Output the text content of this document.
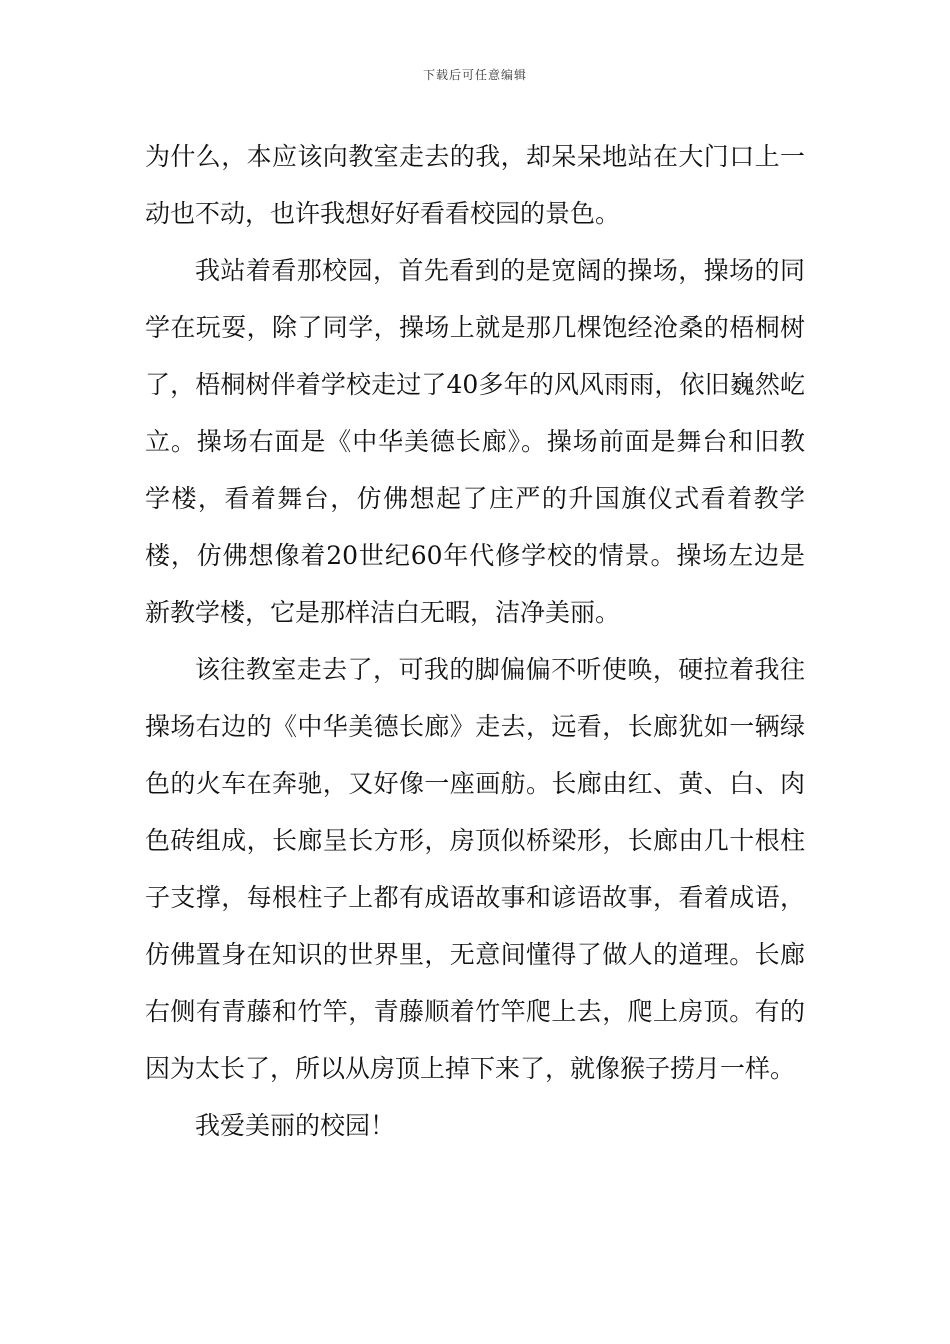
下载后可任意编辑

为什么，本应该向教室走去的我，却呆呆地站在大门口上一动也不动，也许我想好好看看校园的景色。

我站着看那校园，首先看到的是宽阔的操场，操场的同学在玩耍，除了同学，操场上就是那几棵饱经沧桑的梧桐树了，梧桐树伴着学校走过了40多年的风风雨雨，依旧巍然屹立。操场右面是《中华美德长廊》。操场前面是舞台和旧教学楼，看着舞台，仿佛想起了庄严的升国旗仪式看着教学楼，仿佛想像着20世纪60年代修学校的情景。操场左边是新教学楼，它是那样洁白无暇，洁净美丽。

该往教室走去了，可我的脚偏偏不听使唤，硬拉着我往操场右边的《中华美德长廊》走去，远看，长廊犹如一辆绿色的火车在奔驰，又好像一座画舫。长廊由红、黄、白、肉色砖组成，长廊呈长方形，房顶似桥梁形，长廊由几十根柱子支撑，每根柱子上都有成语故事和谚语故事，看着成语，仿佛置身在知识的世界里，无意间懂得了做人的道理。长廊右侧有青藤和竹竿，青藤顺着竹竿爬上去，爬上房顶。有的因为太长了，所以从房顶上掉下来了，就像猴子捞月一样。

我爱美丽的校园！
